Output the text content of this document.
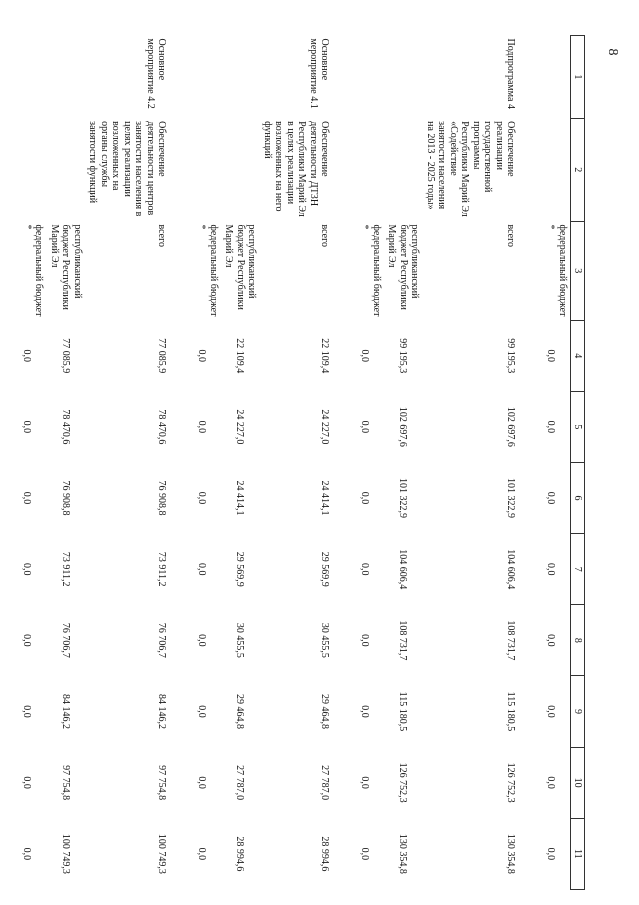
8
1	2	3	4	5	6	7	8	9	10	11
		федеральный бюджет *	0,0	0,0	0,0	0,0	0,0	0,0	0,0	0,0
Подпрограмма 4	Обеспечение реализации государственной программы Республики Марий Эл «Содействие занятости населения на 2013 - 2025 годы»	всего	99 195,3	102 697,6	101 322,9	104 606,4	108 731,7	115 180,5	126 752,3	130 354,8
		республиканский бюджет Республики Марий Эл	99 195,3	102 697,6	101 322,9	104 606,4	108 731,7	115 180,5	126 752,3	130 354,8
		федеральный бюджет *	0,0	0,0	0,0	0,0	0,0	0,0	0,0	0,0
Основное мероприятие 4.1	Обеспечение деятельности ДТЗН Республики Марий Эл в целях реализации возложенных на него функций	всего	22 109,4	24 227,0	24 414,1	29 569,9	30 455,5	29 464,8	27 787,0	28 994,6
		республиканский бюджет Республики Марий Эл	22 109,4	24 227,0	24 414,1	29 569,9	30 455,5	29 464,8	27 787,0	28 994,6
		федеральный бюджет *	0,0	0,0	0,0	0,0	0,0	0,0	0,0	0,0
Основное мероприятие 4.2	Обеспечение деятельности центров занятости населения в целях реализации возложенных на органы службы занятости функций	всего	77 085,9	78 470,6	76 908,8	73 911,2	76 706,7	84 146,2	97 754,8	100 749,3
		республиканский бюджет Республики Марий Эл	77 085,9	78 470,6	76 908,8	73 911,2	76 706,7	84 146,2	97 754,8	100 749,3
		федеральный бюджет *	0,0	0,0	0,0	0,0	0,0	0,0	0,0	0,0
